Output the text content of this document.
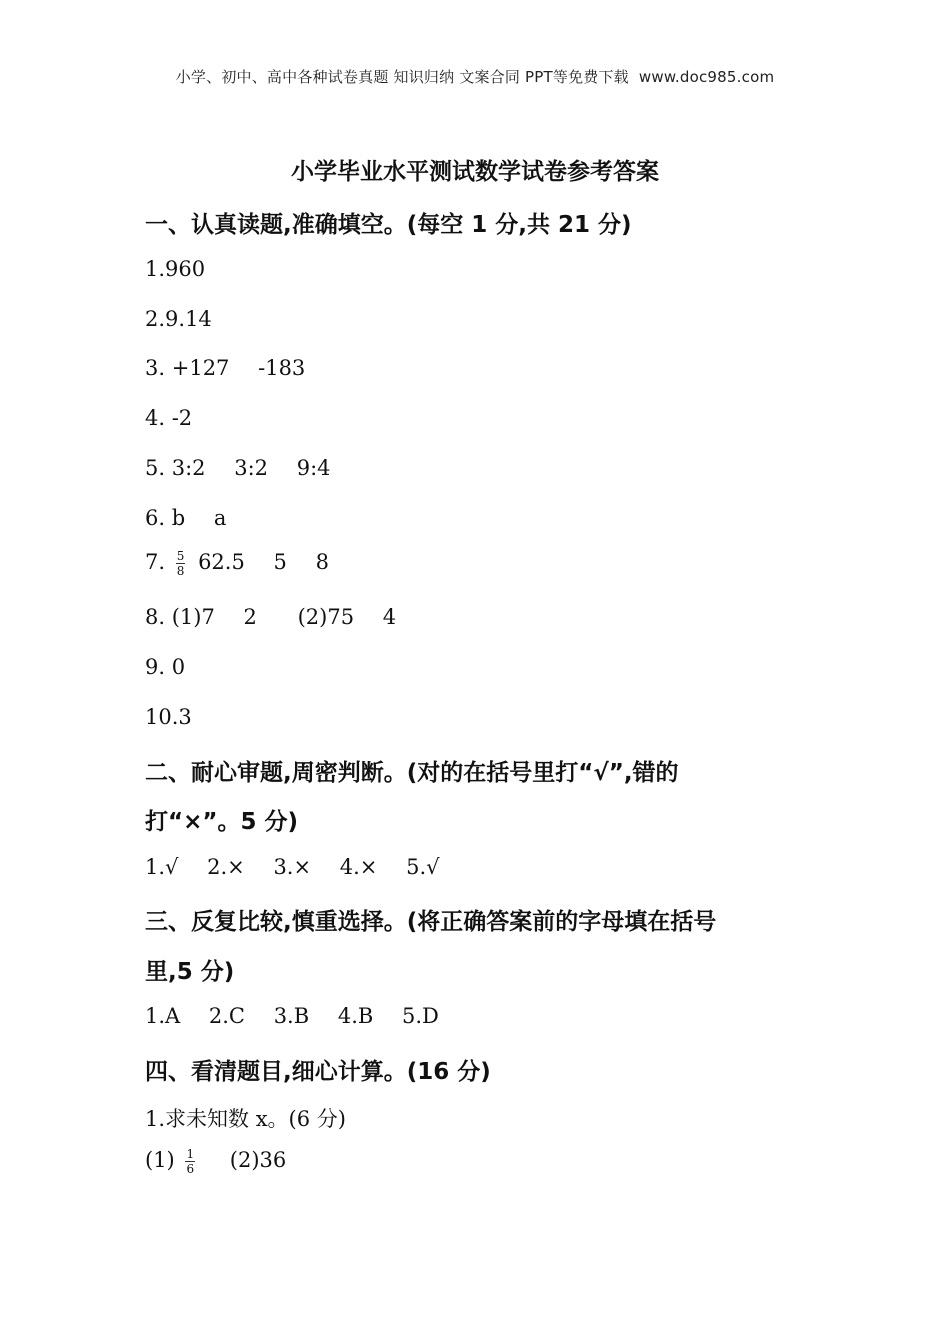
小学、初中、高中各种试卷真题 知识归纳 文案合同 PPT等免费下载 www.doc985.com
小学毕业水平测试数学试卷参考答案
一、认真读题,准确填空。(每空 1 分,共 21 分)
1.960
2.9.14
3. +127 -183
4. -2
5. 3:2 3:2 9:4
6. b a
7. $\frac{5}{8} 62.5$ 5 8
8. (1)7 2 (2)75 4
9. 0
10.3
二、耐心审题,周密判断。(对的在括号里打“√”,错的
打“×”。5 分)
1.√ 2.× 3.× 4.× 5.√
三、反复比较,慎重选择。(将正确答案前的字母填在括号
里,5 分)
1.A 2.C 3.B 4.B 5.D
四、看清题目,细心计算。(16 分)
1.求未知数 x。(6 分)
$(1) \frac{1}{6} (2)36$
